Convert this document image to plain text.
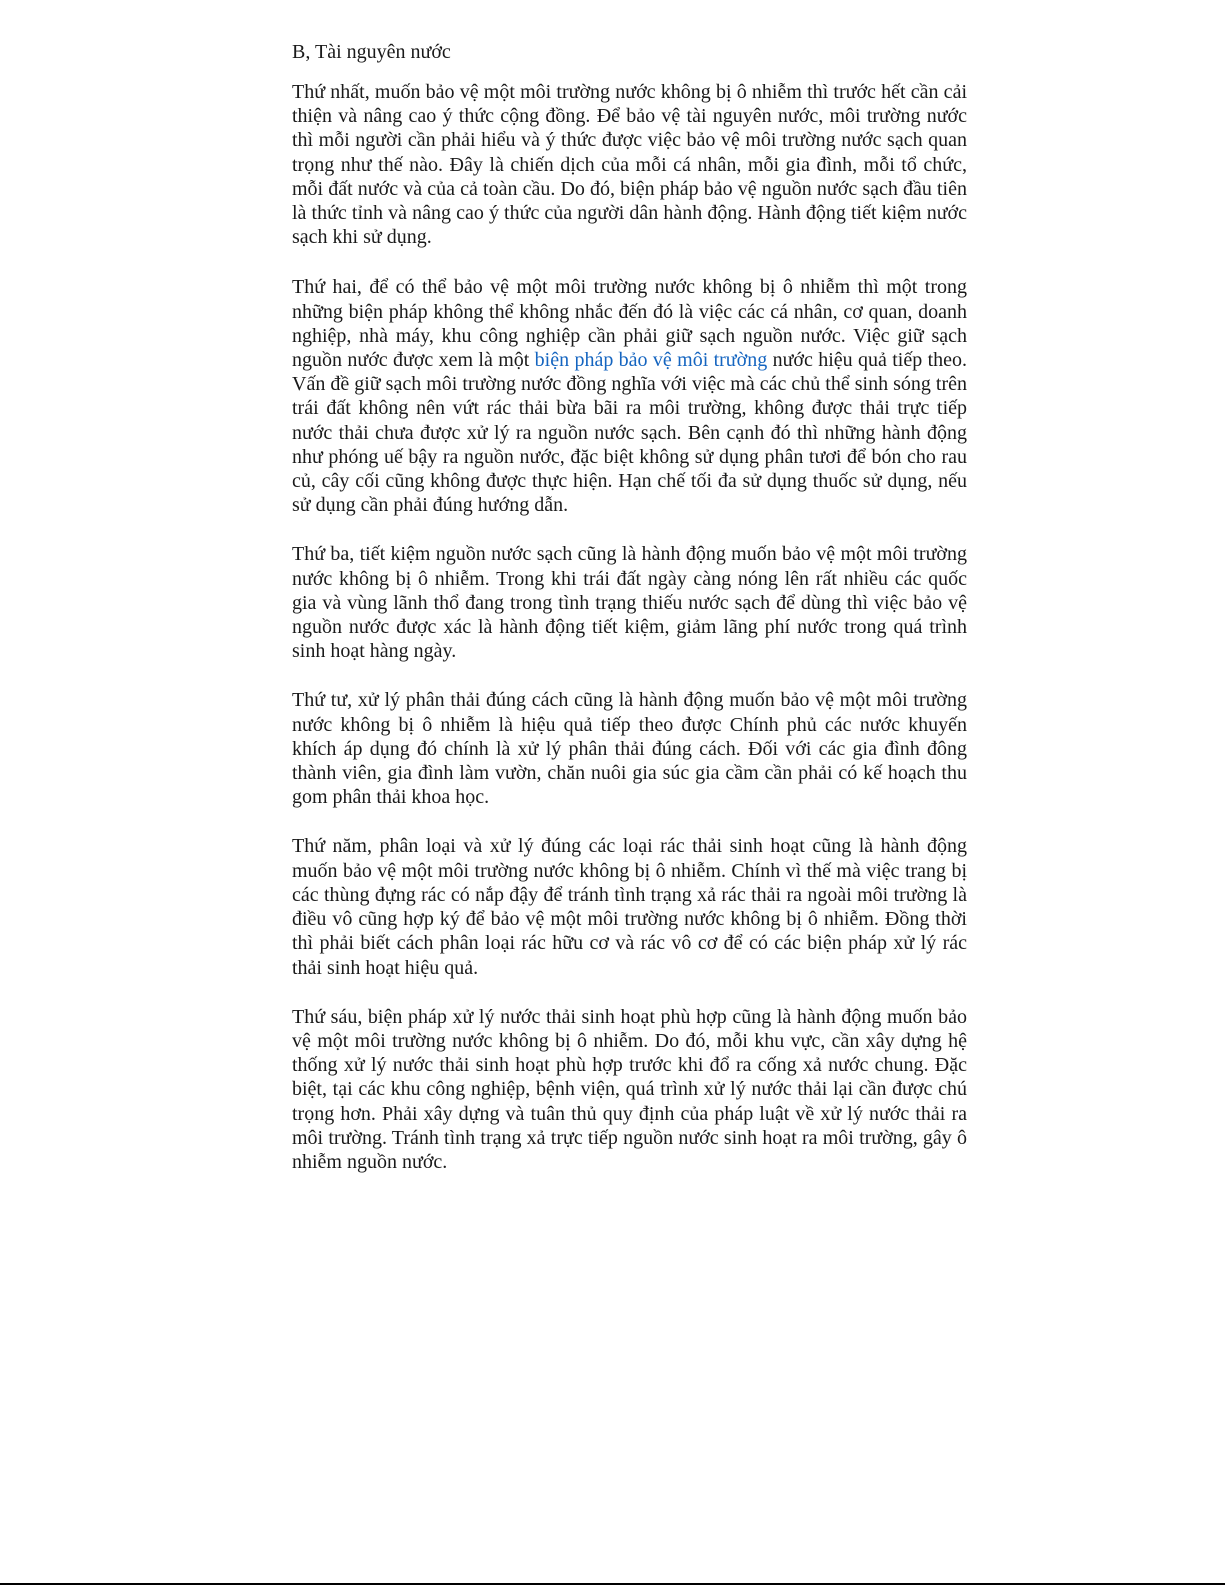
B, Tài nguyên nước

Thứ nhất, muốn bảo vệ một môi trường nước không bị ô nhiễm thì trước hết cần cải thiện và nâng cao ý thức cộng đồng. Để bảo vệ tài nguyên nước, môi trường nước thì mỗi người cần phải hiểu và ý thức được việc bảo vệ môi trường nước sạch quan trọng như thế nào. Đây là chiến dịch của mỗi cá nhân, mỗi gia đình, mỗi tổ chức, mỗi đất nước và của cả toàn cầu. Do đó, biện pháp bảo vệ nguồn nước sạch đầu tiên là thức tỉnh và nâng cao ý thức của người dân hành động. Hành động tiết kiệm nước sạch khi sử dụng.

Thứ hai, để có thể bảo vệ một môi trường nước không bị ô nhiễm thì một trong những biện pháp không thể không nhắc đến đó là việc các cá nhân, cơ quan, doanh nghiệp, nhà máy, khu công nghiệp cần phải giữ sạch nguồn nước. Việc giữ sạch nguồn nước được xem là một biện pháp bảo vệ môi trường nước hiệu quả tiếp theo. Vấn đề giữ sạch môi trường nước đồng nghĩa với việc mà các chủ thể sinh sóng trên trái đất không nên vứt rác thải bừa bãi ra môi trường, không được thải trực tiếp nước thải chưa được xử lý ra nguồn nước sạch. Bên cạnh đó thì những hành động như phóng uế bậy ra nguồn nước, đặc biệt không sử dụng phân tươi để bón cho rau củ, cây cối cũng không được thực hiện. Hạn chế tối đa sử dụng thuốc sử dụng, nếu sử dụng cần phải đúng hướng dẫn.

Thứ ba, tiết kiệm nguồn nước sạch cũng là hành động muốn bảo vệ một môi trường nước không bị ô nhiễm. Trong khi trái đất ngày càng nóng lên rất nhiều các quốc gia và vùng lãnh thổ đang trong tình trạng thiếu nước sạch để dùng thì việc bảo vệ nguồn nước được xác là hành động tiết kiệm, giảm lãng phí nước trong quá trình sinh hoạt hàng ngày.

Thứ tư, xử lý phân thải đúng cách cũng là hành động muốn bảo vệ một môi trường nước không bị ô nhiễm là hiệu quả tiếp theo được Chính phủ các nước khuyến khích áp dụng đó chính là xử lý phân thải đúng cách. Đối với các gia đình đông thành viên, gia đình làm vườn, chăn nuôi gia súc gia cầm cần phải có kế hoạch thu gom phân thải khoa học.

Thứ năm, phân loại và xử lý đúng các loại rác thải sinh hoạt cũng là hành động muốn bảo vệ một môi trường nước không bị ô nhiễm. Chính vì thế mà việc trang bị các thùng đựng rác có nắp đậy để tránh tình trạng xả rác thải ra ngoài môi trường là điều vô cũng hợp ký để bảo vệ một môi trường nước không bị ô nhiễm. Đồng thời thì phải biết cách phân loại rác hữu cơ và rác vô cơ để có các biện pháp xử lý rác thải sinh hoạt hiệu quả.

Thứ sáu, biện pháp xử lý nước thải sinh hoạt phù hợp cũng là hành động muốn bảo vệ một môi trường nước không bị ô nhiễm. Do đó, mỗi khu vực, cần xây dựng hệ thống xử lý nước thải sinh hoạt phù hợp trước khi đổ ra cống xả nước chung. Đặc biệt, tại các khu công nghiệp, bệnh viện, quá trình xử lý nước thải lại cần được chú trọng hơn. Phải xây dựng và tuân thủ quy định của pháp luật về xử lý nước thải ra môi trường. Tránh tình trạng xả trực tiếp nguồn nước sinh hoạt ra môi trường, gây ô nhiễm nguồn nước.
